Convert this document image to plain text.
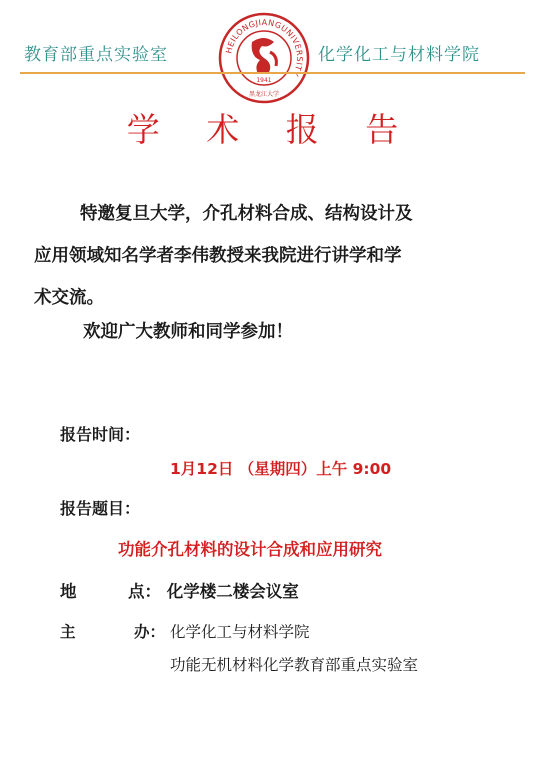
教育部重点实验室	HEILONGJIANGUNIVERSIT
1941
黑龙江大学
化学化工与材料学院
学 术 报 告
特邀复旦大学，介孔材料合成、结构设计及
应用领域知名学者李伟教授来我院进行讲学和学
术交流。
欢迎广大教师和同学参加！
报告时间：
1月12日 （星期四）上午 9:00
报告题目：
功能介孔材料的设计合成和应用研究
地	点： 化学楼二楼会议室
主	办： 化学化工与材料学院
功能无机材料化学教育部重点实验室
